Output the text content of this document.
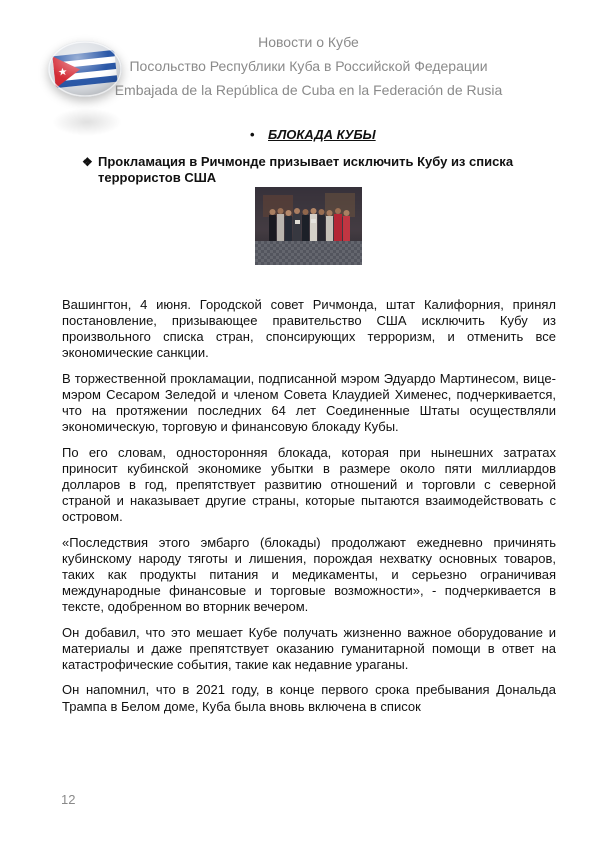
Новости о Кубе
Посольство Республики Куба в Российской Федерации
Embajada de la República de Cuba en la Federación de Rusia
• БЛОКАДА КУБЫ
❖ Прокламация в Ричмонде призывает исключить Кубу из списка террористов США

Вашингтон, 4 июня. Городской совет Ричмонда, штат Калифорния, принял постановление, призывающее правительство США исключить Кубу из произвольного списка стран, спонсирующих терроризм, и отменить все экономические санкции.

В торжественной прокламации, подписанной мэром Эдуардо Мартинесом, вице-мэром Сесаром Зеледой и членом Совета Клаудией Хименес, подчеркивается, что на протяжении последних 64 лет Соединенные Штаты осуществляли экономическую, торговую и финансовую блокаду Кубы.

По его словам, односторонняя блокада, которая при нынешних затратах приносит кубинской экономике убытки в размере около пяти миллиардов долларов в год, препятствует развитию отношений и торговли с северной страной и наказывает другие страны, которые пытаются взаимодействовать с островом.

«Последствия этого эмбарго (блокады) продолжают ежедневно причинять кубинскому народу тяготы и лишения, порождая нехватку основных товаров, таких как продукты питания и медикаменты, и серьезно ограничивая международные финансовые и торговые возможности», - подчеркивается в тексте, одобренном во вторник вечером.

Он добавил, что это мешает Кубе получать жизненно важное оборудование и материалы и даже препятствует оказанию гуманитарной помощи в ответ на катастрофические события, такие как недавние ураганы.

Он напомнил, что в 2021 году, в конце первого срока пребывания Дональда Трампа в Белом доме, Куба была вновь включена в список

12
